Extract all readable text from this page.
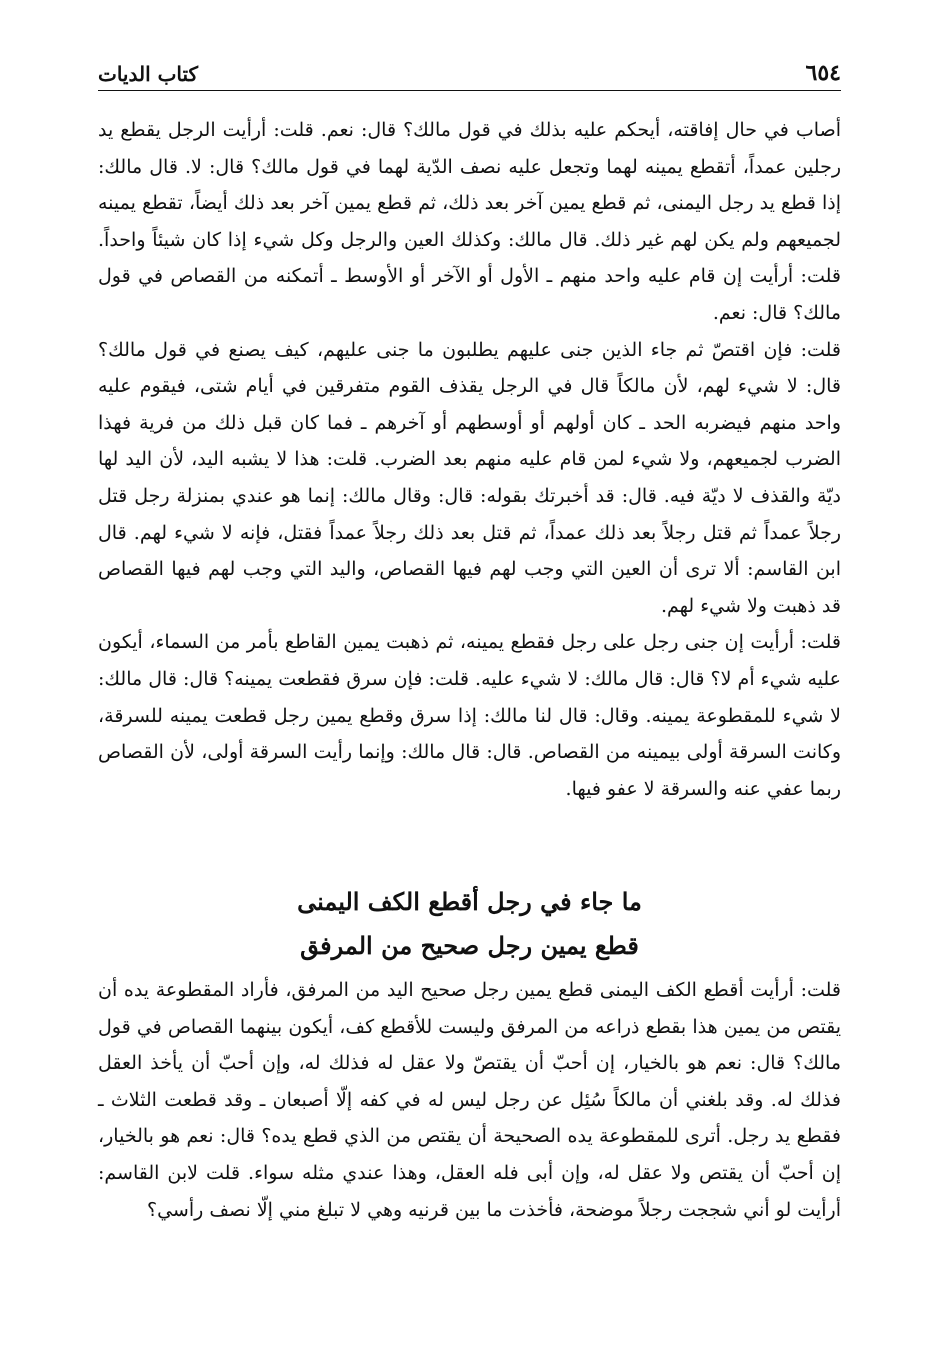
٦٥٤
كتاب الديات

أصاب في حال إفاقته، أيحكم عليه بذلك في قول مالك؟ قال: نعم. قلت: أرأيت الرجل يقطع يد رجلين عمداً، أتقطع يمينه لهما وتجعل عليه نصف الدّية لهما في قول مالك؟ قال: لا. قال مالك: إذا قطع يد رجل اليمنى، ثم قطع يمين آخر بعد ذلك، ثم قطع يمين آخر بعد ذلك أيضاً، تقطع يمينه لجميعهم ولم يكن لهم غير ذلك. قال مالك: وكذلك العين والرجل وكل شيء إذا كان شيئاً واحداً. قلت: أرأيت إن قام عليه واحد منهم ـ الأول أو الآخر أو الأوسط ـ أتمكنه من القصاص في قول مالك؟ قال: نعم.

قلت: فإن اقتصّ ثم جاء الذين جنى عليهم يطلبون ما جنى عليهم، كيف يصنع في قول مالك؟ قال: لا شيء لهم، لأن مالكاً قال في الرجل يقذف القوم متفرقين في أيام شتى، فيقوم عليه واحد منهم فيضربه الحد ـ كان أولهم أو أوسطهم أو آخرهم ـ فما كان قبل ذلك من فرية فهذا الضرب لجميعهم، ولا شيء لمن قام عليه منهم بعد الضرب. قلت: هذا لا يشبه اليد، لأن اليد لها ديّة والقذف لا ديّة فيه. قال: قد أخبرتك بقوله: قال: وقال مالك: إنما هو عندي بمنزلة رجل قتل رجلاً عمداً ثم قتل رجلاً بعد ذلك عمداً، ثم قتل بعد ذلك رجلاً عمداً فقتل، فإنه لا شيء لهم. قال ابن القاسم: ألا ترى أن العين التي وجب لهم فيها القصاص، واليد التي وجب لهم فيها القصاص قد ذهبت ولا شيء لهم.

قلت: أرأيت إن جنى رجل على رجل فقطع يمينه، ثم ذهبت يمين القاطع بأمر من السماء، أيكون عليه شيء أم لا؟ قال: قال مالك: لا شيء عليه. قلت: فإن سرق فقطعت يمينه؟ قال: قال مالك: لا شيء للمقطوعة يمينه. وقال: قال لنا مالك: إذا سرق وقطع يمين رجل قطعت يمينه للسرقة، وكانت السرقة أولى بيمينه من القصاص. قال: قال مالك: وإنما رأيت السرقة أولى، لأن القصاص ربما عفي عنه والسرقة لا عفو فيها.

ما جاء في رجل أقطع الكف اليمنى
قطع يمين رجل صحيح من المرفق

قلت: أرأيت أقطع الكف اليمنى قطع يمين رجل صحيح اليد من المرفق، فأراد المقطوعة يده أن يقتص من يمين هذا بقطع ذراعه من المرفق وليست للأقطع كف، أيكون بينهما القصاص في قول مالك؟ قال: نعم هو بالخيار، إن أحبّ أن يقتصّ ولا عقل له فذلك له، وإن أحبّ أن يأخذ العقل فذلك له. وقد بلغني أن مالكاً سُئِل عن رجل ليس له في كفه إلّا أصبعان ـ وقد قطعت الثلاث ـ فقطع يد رجل. أترى للمقطوعة يده الصحيحة أن يقتص من الذي قطع يده؟ قال: نعم هو بالخيار، إن أحبّ أن يقتص ولا عقل له، وإن أبى فله العقل، وهذا عندي مثله سواء. قلت لابن القاسم: أرأيت لو أني شججت رجلاً موضحة، فأخذت ما بين قرنيه وهي لا تبلغ مني إلّا نصف رأسي؟
